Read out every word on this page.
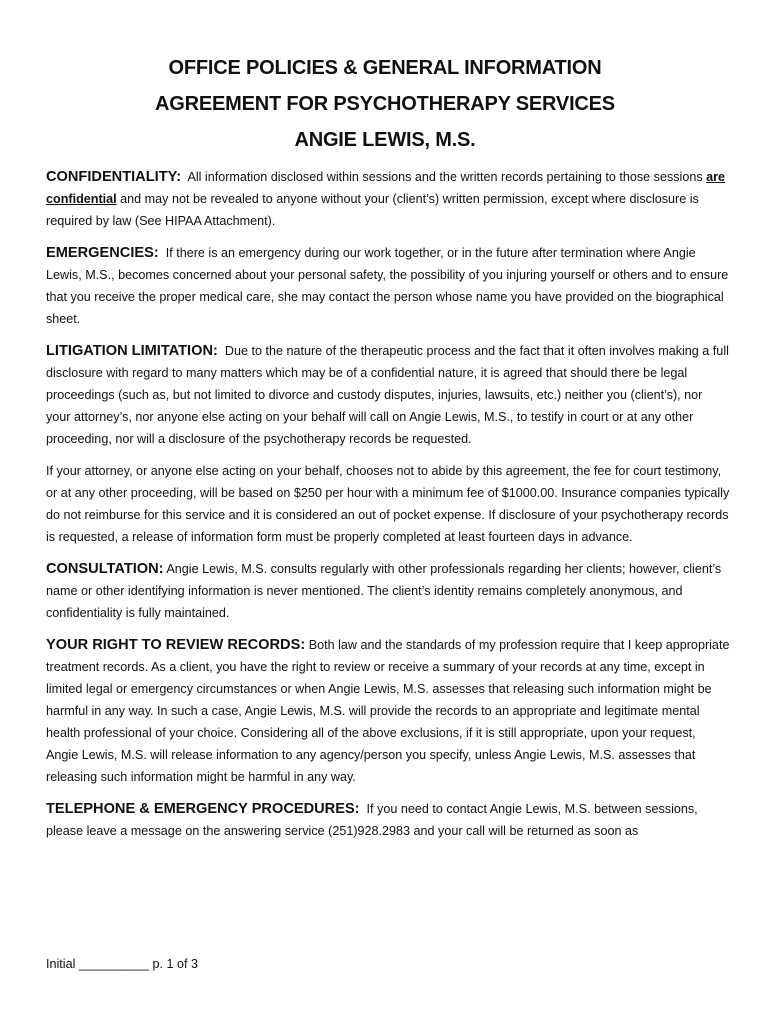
OFFICE POLICIES & GENERAL INFORMATION
AGREEMENT FOR PSYCHOTHERAPY SERVICES
ANGIE LEWIS, M.S.

CONFIDENTIALITY: All information disclosed within sessions and the written records pertaining to those sessions are confidential and may not be revealed to anyone without your (client’s) written permission, except where disclosure is required by law (See HIPAA Attachment).

EMERGENCIES: If there is an emergency during our work together, or in the future after termination where Angie Lewis, M.S., becomes concerned about your personal safety, the possibility of you injuring yourself or others and to ensure that you receive the proper medical care, she may contact the person whose name you have provided on the biographical sheet.

LITIGATION LIMITATION: Due to the nature of the therapeutic process and the fact that it often involves making a full disclosure with regard to many matters which may be of a confidential nature, it is agreed that should there be legal proceedings (such as, but not limited to divorce and custody disputes, injuries, lawsuits, etc.) neither you (client’s), nor your attorney’s, nor anyone else acting on your behalf will call on Angie Lewis, M.S., to testify in court or at any other proceeding, nor will a disclosure of the psychotherapy records be requested.

If your attorney, or anyone else acting on your behalf, chooses not to abide by this agreement, the fee for court testimony, or at any other proceeding, will be based on $250 per hour with a minimum fee of $1000.00. Insurance companies typically do not reimburse for this service and it is considered an out of pocket expense. If disclosure of your psychotherapy records is requested, a release of information form must be properly completed at least fourteen days in advance.

CONSULTATION: Angie Lewis, M.S. consults regularly with other professionals regarding her clients; however, client’s name or other identifying information is never mentioned. The client’s identity remains completely anonymous, and confidentiality is fully maintained.

YOUR RIGHT TO REVIEW RECORDS: Both law and the standards of my profession require that I keep appropriate treatment records. As a client, you have the right to review or receive a summary of your records at any time, except in limited legal or emergency circumstances or when Angie Lewis, M.S. assesses that releasing such information might be harmful in any way. In such a case, Angie Lewis, M.S. will provide the records to an appropriate and legitimate mental health professional of your choice. Considering all of the above exclusions, if it is still appropriate, upon your request, Angie Lewis, M.S. will release information to any agency/person you specify, unless Angie Lewis, M.S. assesses that releasing such information might be harmful in any way.

TELEPHONE & EMERGENCY PROCEDURES: If you need to contact Angie Lewis, M.S. between sessions, please leave a message on the answering service (251)928.2983 and your call will be returned as soon as

Initial __________ p. 1 of 3
